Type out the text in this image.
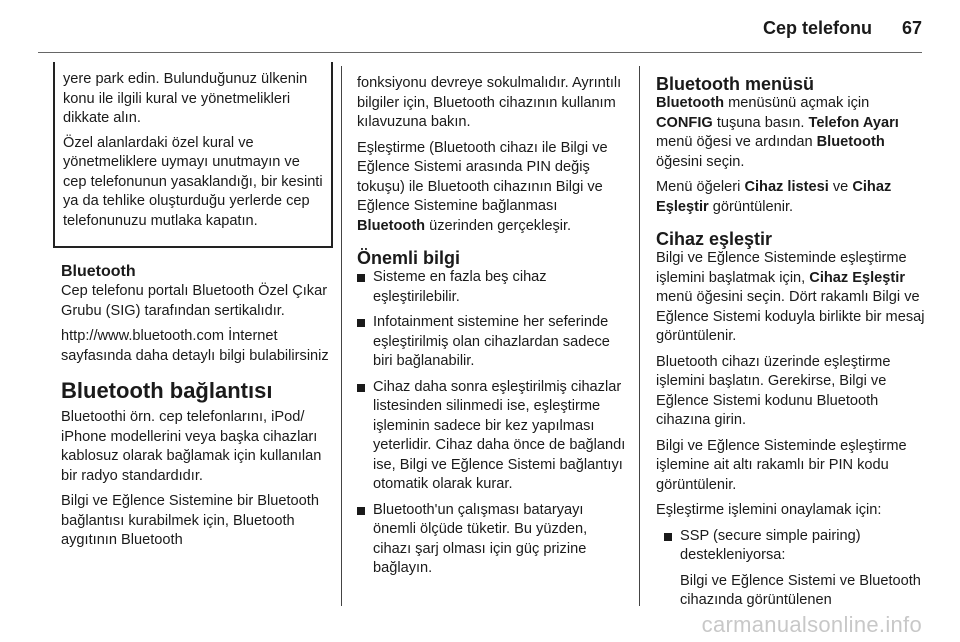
Cep telefonu 67

yere park edin. Bulunduğunuz ülkenin konu ile ilgili kural ve yönetmelikleri dikkate alın.

Özel alanlardaki özel kural ve yönetmeliklere uymayı unutmayın ve cep telefonunun yasaklandığı, bir kesinti ya da tehlike oluşturduğu yerlerde cep telefonunuzu mutlaka kapatın.

Bluetooth

Cep telefonu portalı Bluetooth Özel Çıkar Grubu (SIG) tarafından sertikalıdır.

http://www.bluetooth.com İnternet sayfasında daha detaylı bilgi bulabilirsiniz

Bluetooth bağlantısı

Bluetoothi örn. cep telefonlarını, iPod/ iPhone modellerini veya başka cihazları kablosuz olarak bağlamak için kullanılan bir radyo standardıdır.

Bilgi ve Eğlence Sistemine bir Bluetooth bağlantısı kurabilmek için, Bluetooth aygıtının Bluetooth

fonksiyonu devreye sokulmalıdır. Ayrıntılı bilgiler için, Bluetooth cihazının kullanım kılavuzuna bakın.

Eşleştirme (Bluetooth cihazı ile Bilgi ve Eğlence Sistemi arasında PIN değiş tokuşu) ile Bluetooth cihazının Bilgi ve Eğlence Sistemine bağlanması Bluetooth üzerinden gerçekleşir.

Önemli bilgi
Sisteme en fazla beş cihaz eşleştirilebilir.
Infotainment sistemine her seferinde eşleştirilmiş olan cihazlardan sadece biri bağlanabilir.
Cihaz daha sonra eşleştirilmiş cihazlar listesinden silinmedi ise, eşleştirme işleminin sadece bir kez yapılması yeterlidir. Cihaz daha önce de bağlandı ise, Bilgi ve Eğlence Sistemi bağlantıyı otomatik olarak kurar.
Bluetooth'un çalışması bataryayı önemli ölçüde tüketir. Bu yüzden, cihazı şarj olması için güç prizine bağlayın.
Bluetooth menüsü

Bluetooth menüsünü açmak için CONFIG tuşuna basın. Telefon Ayarı menü öğesi ve ardından Bluetooth öğesini seçin.

Menü öğeleri Cihaz listesi ve Cihaz Eşleştir görüntülenir.

Cihaz eşleştir

Bilgi ve Eğlence Sisteminde eşleştirme işlemini başlatmak için, Cihaz Eşleştir menü öğesini seçin. Dört rakamlı Bilgi ve Eğlence Sistemi koduyla birlikte bir mesaj görüntülenir.

Bluetooth cihazı üzerinde eşleştirme işlemini başlatın. Gerekirse, Bilgi ve Eğlence Sistemi kodunu Bluetooth cihazına girin.

Bilgi ve Eğlence Sisteminde eşleştirme işlemine ait altı rakamlı bir PIN kodu görüntülenir.

Eşleştirme işlemini onaylamak için:

SSP (secure simple pairing) destekleniyorsa:

Bilgi ve Eğlence Sistemi ve Bluetooth cihazında görüntülenen

carmanualsonline.info
